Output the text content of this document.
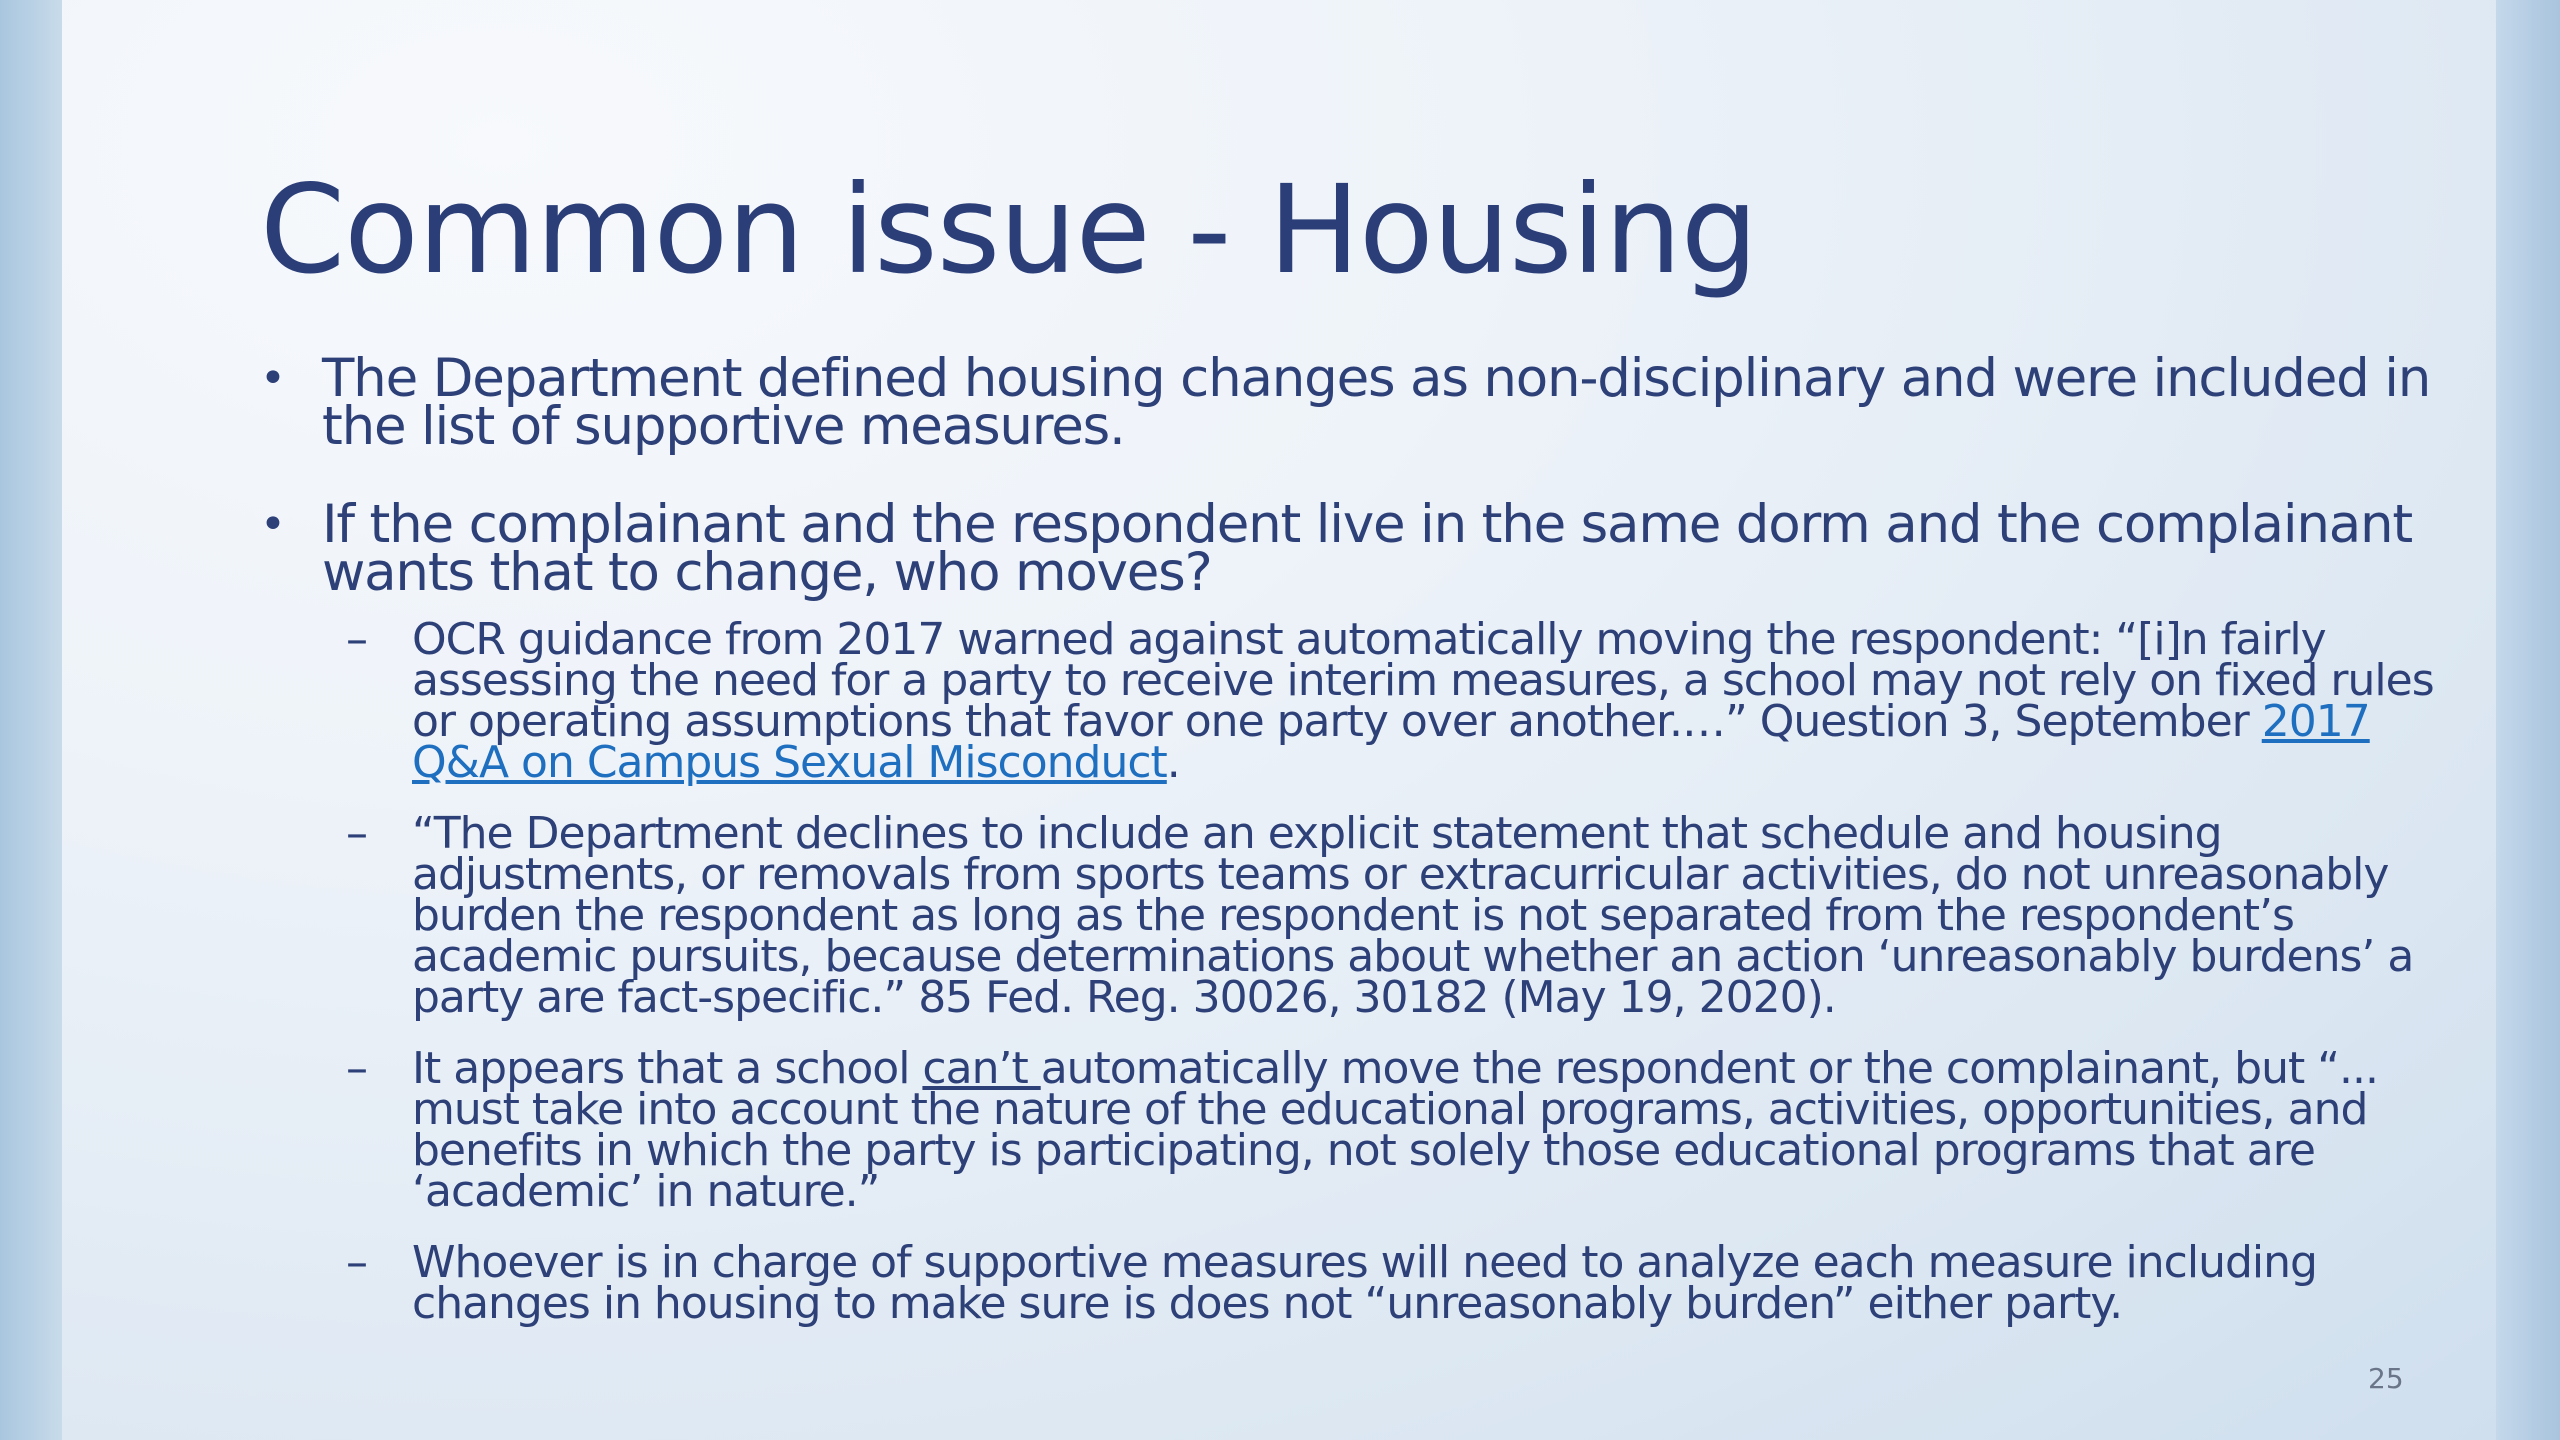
Common issue - Housing
• The Department defined housing changes as non-disciplinary and were included in the list of supportive measures.
• If the complainant and the respondent live in the same dorm and the complainant wants that to change, who moves?
– OCR guidance from 2017 warned against automatically moving the respondent: “[i]n fairly assessing the need for a party to receive interim measures, a school may not rely on fixed rules or operating assumptions that favor one party over another.…” Question 3, September 2017 Q&A on Campus Sexual Misconduct.
– “The Department declines to include an explicit statement that schedule and housing adjustments, or removals from sports teams or extracurricular activities, do not unreasonably burden the respondent as long as the respondent is not separated from the respondent’s academic pursuits, because determinations about whether an action ‘unreasonably burdens’ a party are fact-specific.” 85 Fed. Reg. 30026, 30182 (May 19, 2020).
– It appears that a school can’t automatically move the respondent or the complainant, but “... must take into account the nature of the educational programs, activities, opportunities, and benefits in which the party is participating, not solely those educational programs that are ‘academic’ in nature.”
– Whoever is in charge of supportive measures will need to analyze each measure including changes in housing to make sure is does not “unreasonably burden” either party.
25
